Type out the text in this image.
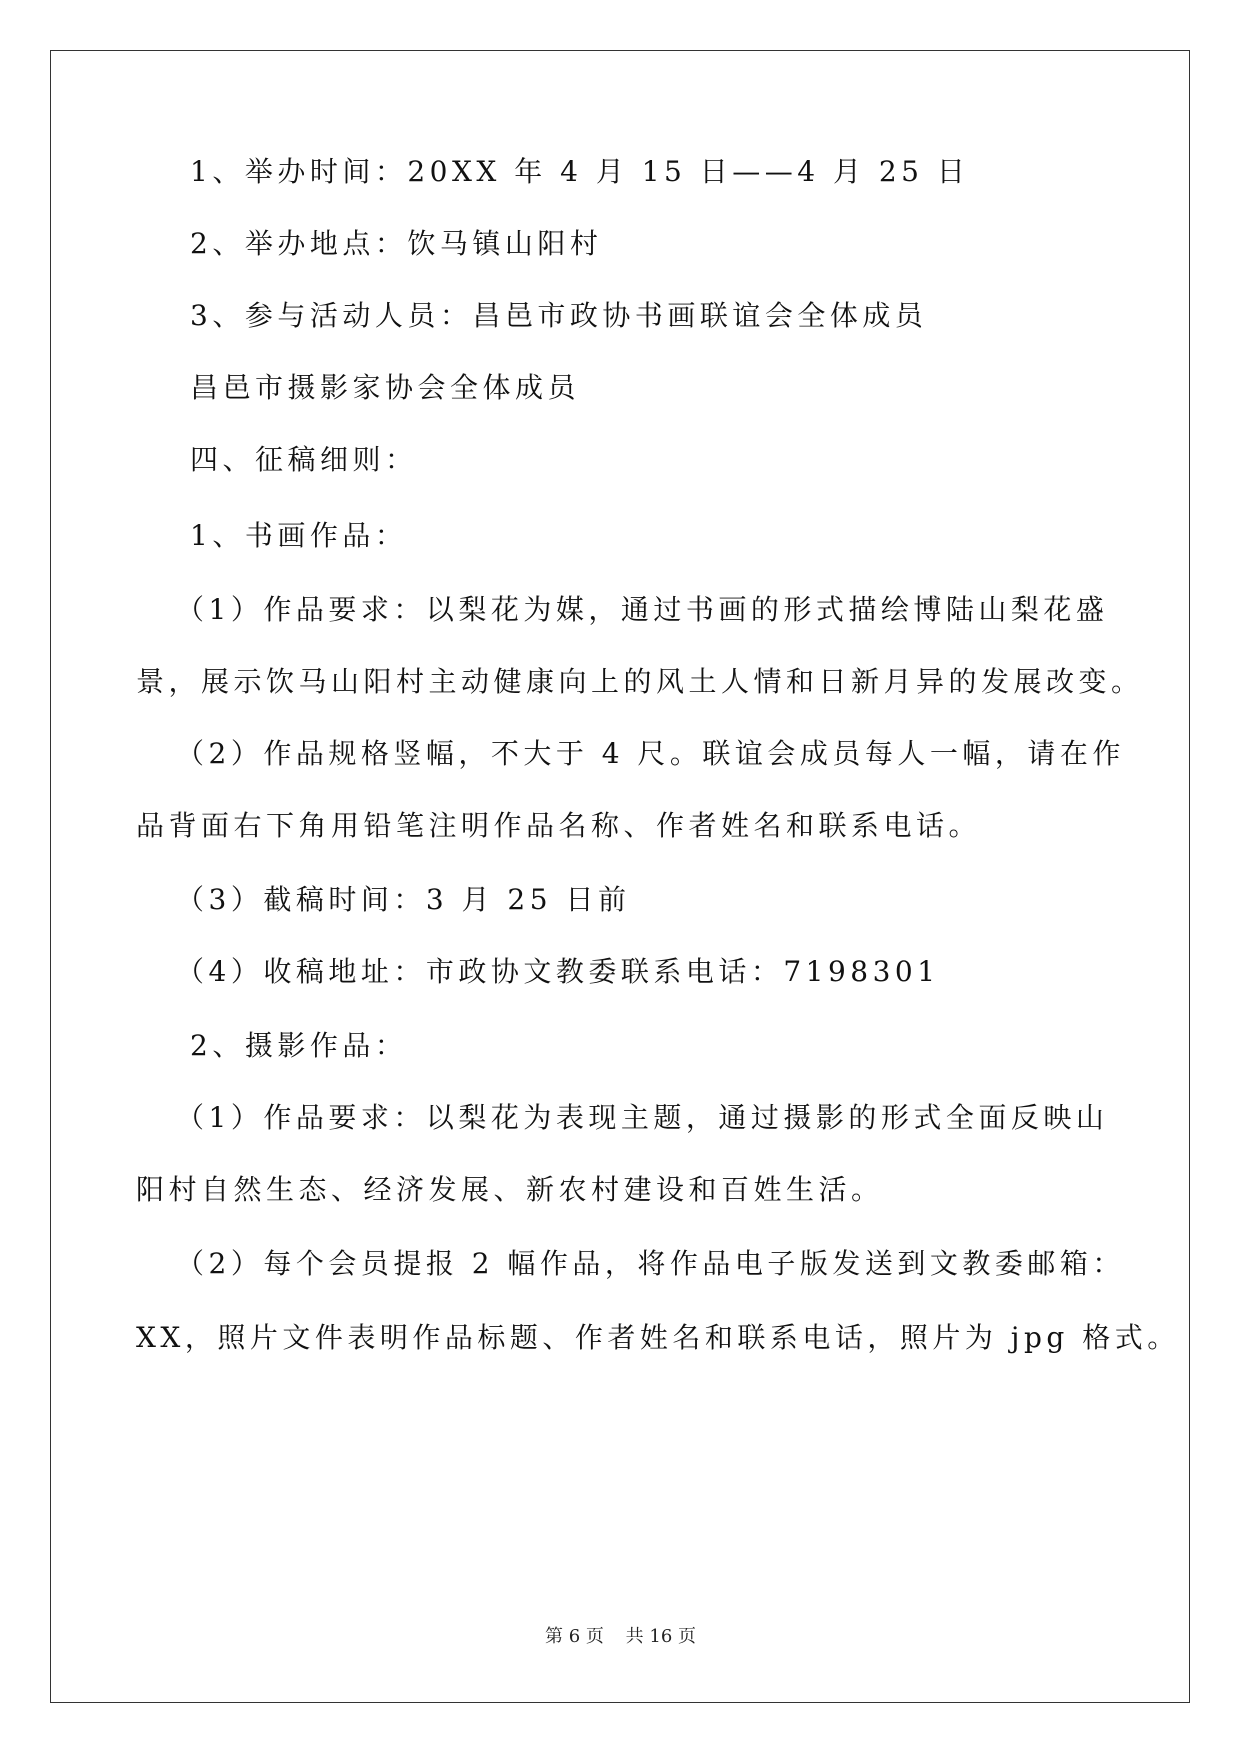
1、举办时间：20XX 年 4 月 15 日——4 月 25 日
2、举办地点：饮马镇山阳村
3、参与活动人员：昌邑市政协书画联谊会全体成员
昌邑市摄影家协会全体成员
四、征稿细则：
1、书画作品：
（1）作品要求：以梨花为媒，通过书画的形式描绘博陆山梨花盛
景，展示饮马山阳村主动健康向上的风土人情和日新月异的发展改变。
（2）作品规格竖幅，不大于 4 尺。联谊会成员每人一幅，请在作
品背面右下角用铅笔注明作品名称、作者姓名和联系电话。
（3）截稿时间：3 月 25 日前
（4）收稿地址：市政协文教委联系电话：7198301
2、摄影作品：
（1）作品要求：以梨花为表现主题，通过摄影的形式全面反映山
阳村自然生态、经济发展、新农村建设和百姓生活。
（2）每个会员提报 2 幅作品，将作品电子版发送到文教委邮箱：
XX，照片文件表明作品标题、作者姓名和联系电话，照片为 jpg 格式。
第 6 页 共 16 页
